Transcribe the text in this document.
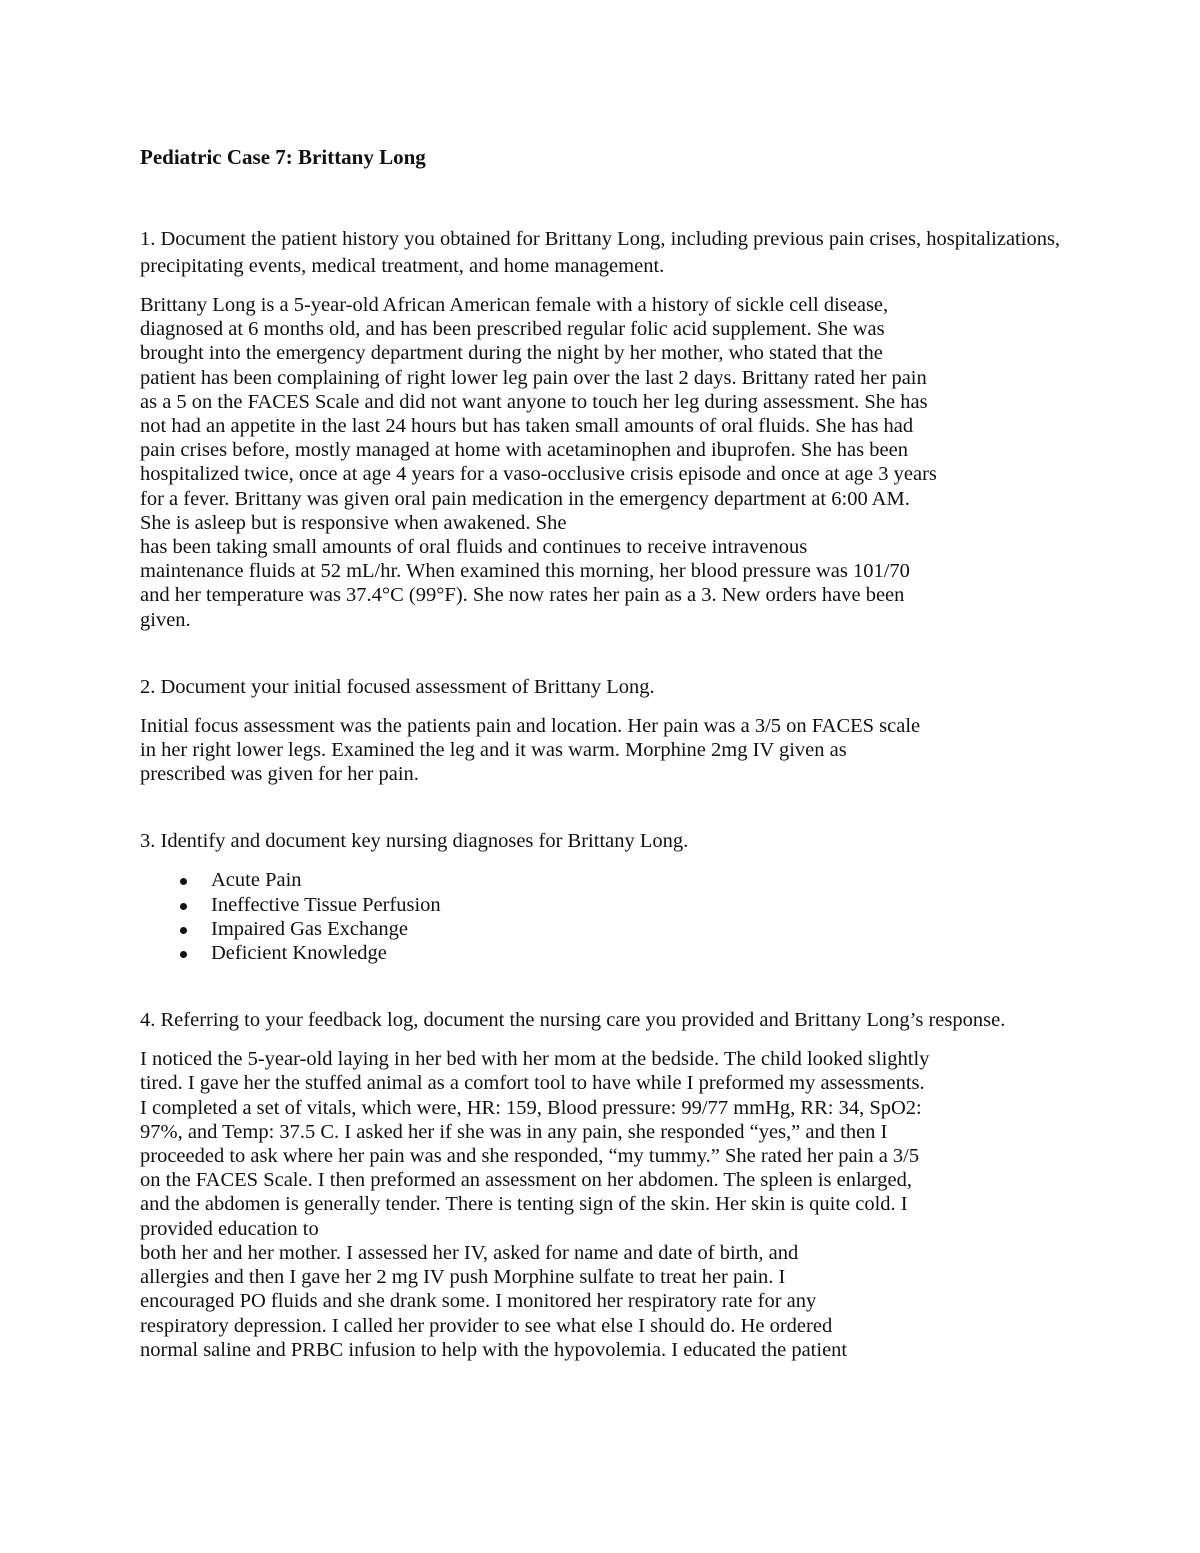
Pediatric Case 7: Brittany Long
1. Document the patient history you obtained for Brittany Long, including previous pain crises, hospitalizations, precipitating events, medical treatment, and home management.
Brittany Long is a 5-year-old African American female with a history of sickle cell disease,
diagnosed at 6 months old, and has been prescribed regular folic acid supplement. She was
brought into the emergency department during the night by her mother, who stated that the
patient has been complaining of right lower leg pain over the last 2 days. Brittany rated her pain
as a 5 on the FACES Scale and did not want anyone to touch her leg during assessment. She has
not had an appetite in the last 24 hours but has taken small amounts of oral fluids. She has had
pain crises before, mostly managed at home with acetaminophen and ibuprofen. She has been
hospitalized twice, once at age 4 years for a vaso-occlusive crisis episode and once at age 3 years
for a fever. Brittany was given oral pain medication in the emergency department at 6:00 AM.
She is asleep but is responsive when awakened. She
has been taking small amounts of oral fluids and continues to receive intravenous
maintenance fluids at 52 mL/hr. When examined this morning, her blood pressure was 101/70
and her temperature was 37.4°C (99°F). She now rates her pain as a 3. New orders have been
given.
2. Document your initial focused assessment of Brittany Long.
Initial focus assessment was the patients pain and location. Her pain was a 3/5 on FACES scale
in her right lower legs. Examined the leg and it was warm. Morphine 2mg IV given as
prescribed was given for her pain.
3. Identify and document key nursing diagnoses for Brittany Long.
Acute Pain
Ineffective Tissue Perfusion
Impaired Gas Exchange
Deficient Knowledge
4. Referring to your feedback log, document the nursing care you provided and Brittany Long’s response.
I noticed the 5-year-old laying in her bed with her mom at the bedside. The child looked slightly
tired. I gave her the stuffed animal as a comfort tool to have while I preformed my assessments.
I completed a set of vitals, which were, HR: 159, Blood pressure: 99/77 mmHg, RR: 34, SpO2:
97%, and Temp: 37.5 C. I asked her if she was in any pain, she responded “yes,” and then I
proceeded to ask where her pain was and she responded, “my tummy.” She rated her pain a 3/5
on the FACES Scale. I then preformed an assessment on her abdomen. The spleen is enlarged,
and the abdomen is generally tender. There is tenting sign of the skin. Her skin is quite cold. I
provided education to
both her and her mother. I assessed her IV, asked for name and date of birth, and
allergies and then I gave her 2 mg IV push Morphine sulfate to treat her pain. I
encouraged PO fluids and she drank some. I monitored her respiratory rate for any
respiratory depression. I called her provider to see what else I should do. He ordered
normal saline and PRBC infusion to help with the hypovolemia. I educated the patient
